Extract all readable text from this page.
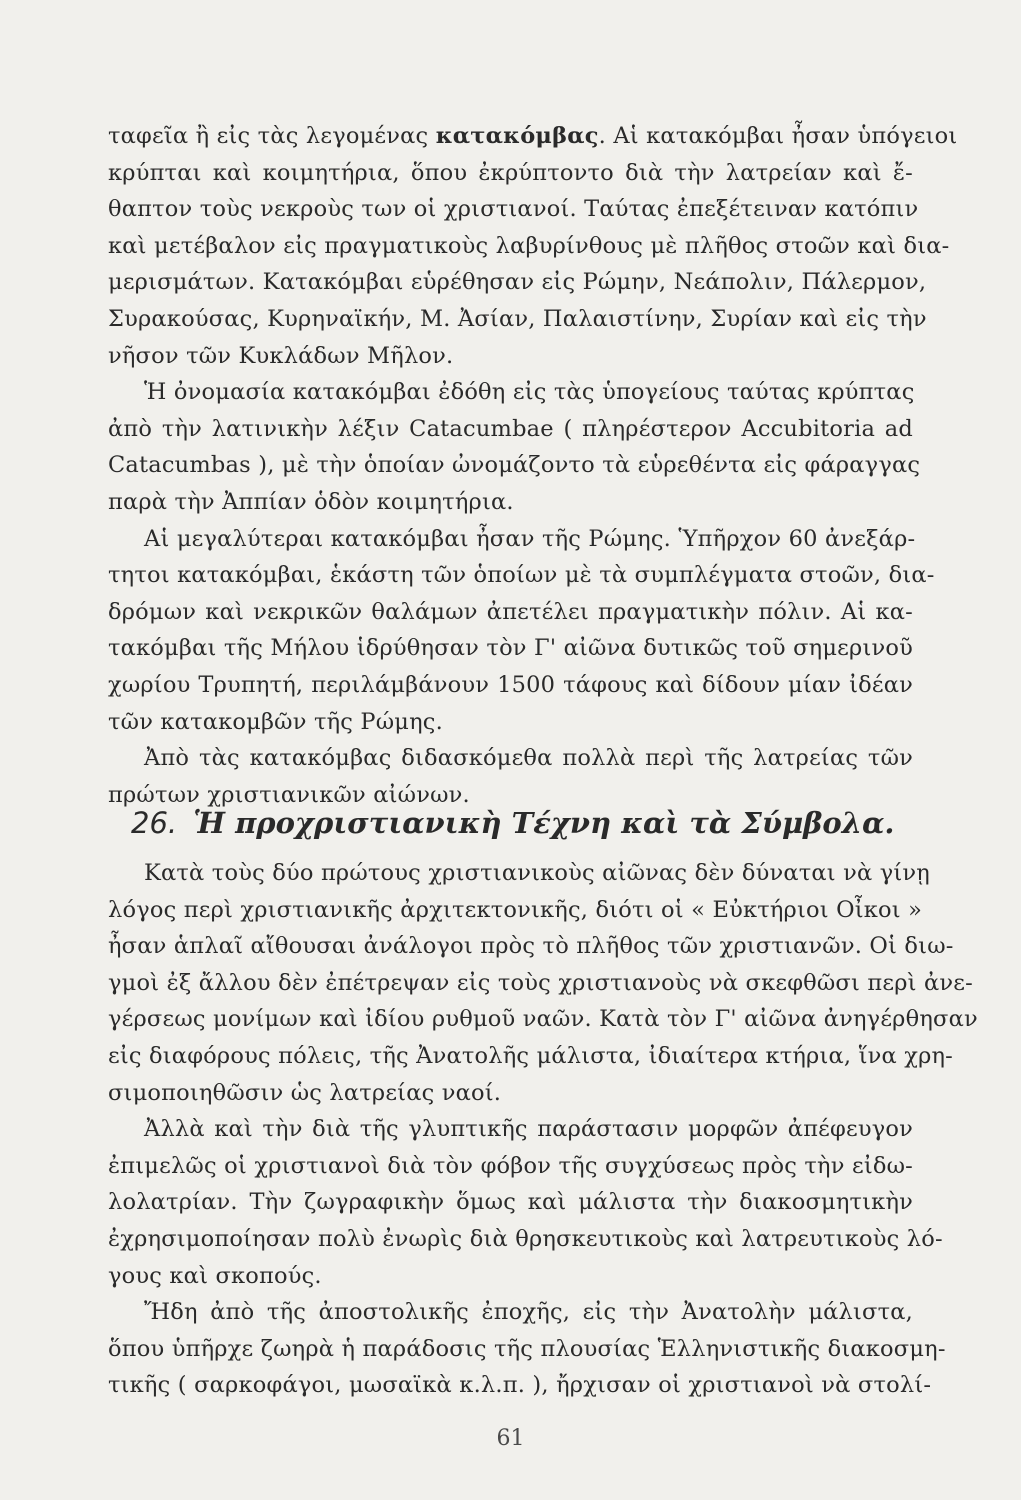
ταφεῖα ἢ εἰς τὰς λεγομένας κατακόμβας. Αἱ κατακόμβαι ἦσαν ὑπόγειοι
κρύπται καὶ κοιμητήρια, ὅπου ἐκρύπτοντο διὰ τὴν λατρείαν καὶ ἔ-
θαπτον τοὺς νεκροὺς των οἱ χριστιανοί. Ταύτας ἐπεξέτειναν κατόπιν
καὶ μετέβαλον εἰς πραγματικοὺς λαβυρίνθους μὲ πλῆθος στοῶν καὶ δια-
μερισμάτων. Κατακόμβαι εὑρέθησαν εἰς Ρώμην, Νεάπολιν, Πάλερμον,
Συρακούσας, Κυρηναϊκήν, Μ. Ἀσίαν, Παλαιστίνην, Συρίαν καὶ εἰς τὴν
νῆσον τῶν Κυκλάδων Μῆλον.
Ἡ ὀνομασία κατακόμβαι ἐδόθη εἰς τὰς ὑπογείους ταύτας κρύπτας
ἀπὸ τὴν λατινικὴν λέξιν Catacumbae ( πληρέστερον Accubitoria ad
Catacumbas ), μὲ τὴν ὁποίαν ὠνομάζοντο τὰ εὑρεθέντα εἰς φάραγγας
παρὰ τὴν Ἀππίαν ὁδὸν κοιμητήρια.
Αἱ μεγαλύτεραι κατακόμβαι ἦσαν τῆς Ρώμης. Ὑπῆρχον 60 ἀνεξάρ-
τητοι κατακόμβαι, ἑκάστη τῶν ὁποίων μὲ τὰ συμπλέγματα στοῶν, δια-
δρόμων καὶ νεκρικῶν θαλάμων ἀπετέλει πραγματικὴν πόλιν. Αἱ κα-
τακόμβαι τῆς Μήλου ἱδρύθησαν τὸν Γ' αἰῶνα δυτικῶς τοῦ σημερινοῦ
χωρίου Τρυπητή, περιλάμβάνουν 1500 τάφους καὶ δίδουν μίαν ἰδέαν
τῶν κατακομβῶν τῆς Ρώμης.
Ἀπὸ τὰς κατακόμβας διδασκόμεθα πολλὰ περὶ τῆς λατρείας τῶν
πρώτων χριστιανικῶν αἰώνων.
26. Ἡ προχριστιανικὴ Τέχνη καὶ τὰ Σύμβολα.
Κατὰ τοὺς δύο πρώτους χριστιανικοὺς αἰῶνας δὲν δύναται νὰ γίνῃ
λόγος περὶ χριστιανικῆς ἀρχιτεκτονικῆς, διότι οἱ « Εὐκτήριοι Οἶκοι »
ἦσαν ἁπλαῖ αἴθουσαι ἀνάλογοι πρὸς τὸ πλῆθος τῶν χριστιανῶν. Οἱ διω-
γμοὶ ἐξ ἄλλου δὲν ἐπέτρεψαν εἰς τοὺς χριστιανοὺς νὰ σκεφθῶσι περὶ ἀνε-
γέρσεως μονίμων καὶ ἰδίου ρυθμοῦ ναῶν. Κατὰ τὸν Γ' αἰῶνα ἀνηγέρθησαν
εἰς διαφόρους πόλεις, τῆς Ἀνατολῆς μάλιστα, ἰδιαίτερα κτήρια, ἵνα χρη-
σιμοποιηθῶσιν ὡς λατρείας ναοί.
Ἀλλὰ καὶ τὴν διὰ τῆς γλυπτικῆς παράστασιν μορφῶν ἀπέφευγον
ἐπιμελῶς οἱ χριστιανοὶ διὰ τὸν φόβον τῆς συγχύσεως πρὸς τὴν εἰδω-
λολατρίαν. Τὴν ζωγραφικὴν ὅμως καὶ μάλιστα τὴν διακοσμητικὴν
ἐχρησιμοποίησαν πολὺ ἐνωρὶς διὰ θρησκευτικοὺς καὶ λατρευτικοὺς λό-
γους καὶ σκοπούς.
Ἤδη ἀπὸ τῆς ἀποστολικῆς ἐποχῆς, εἰς τὴν Ἀνατολὴν μάλιστα,
ὅπου ὑπῆρχε ζωηρὰ ἡ παράδοσις τῆς πλουσίας Ἑλληνιστικῆς διακοσμη-
τικῆς ( σαρκοφάγοι, μωσαϊκὰ κ.λ.π. ), ἤρχισαν οἱ χριστιανοὶ νὰ στολί-
61
